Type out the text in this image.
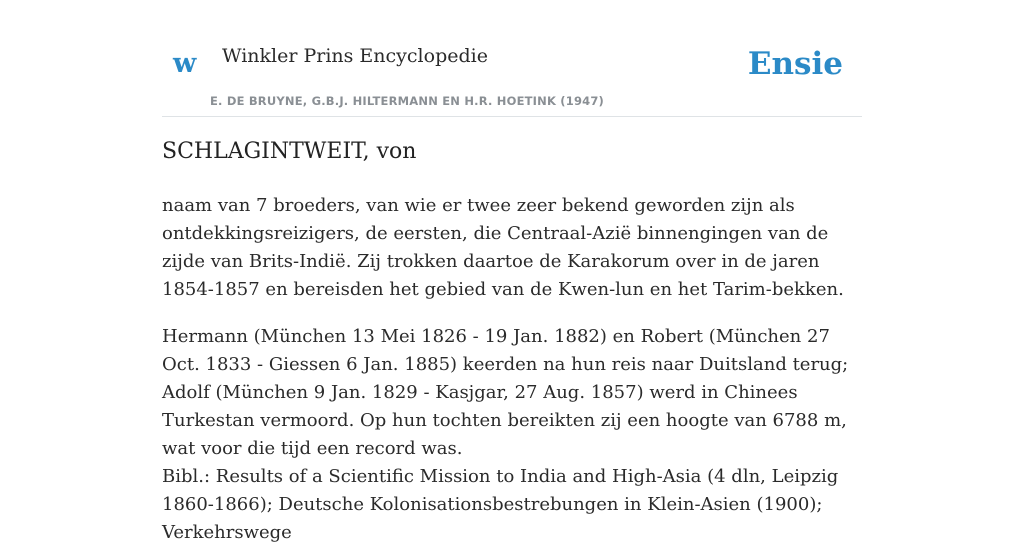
w Winkler Prins Encyclopedie
E. DE BRUYNE, G.B.J. HILTERMANN EN H.R. HOETINK (1947)
Ensie
SCHLAGINTWEIT, von

naam van 7 broeders, van wie er twee zeer bekend geworden zijn als ontdekkingsreizigers, de eersten, die Centraal-Azië binnengingen van de zijde van Brits-Indië. Zij trokken daartoe de Karakorum over in de jaren 1854-1857 en bereisden het gebied van de Kwen-lun en het Tarim-bekken.

Hermann (München 13 Mei 1826 - 19 Jan. 1882) en Robert (München 27 Oct. 1833 - Giessen 6 Jan. 1885) keerden na hun reis naar Duitsland terug; Adolf (München 9 Jan. 1829 - Kasjgar, 27 Aug. 1857) werd in Chinees Turkestan vermoord. Op hun tochten bereikten zij een hoogte van 6788 m, wat voor die tijd een record was.

Bibl.: Results of a Scientific Mission to India and High-Asia (4 dln, Leipzig 1860-1866); Deutsche Kolonisationsbestrebungen in Klein-Asien (1900); Verkehrswege
